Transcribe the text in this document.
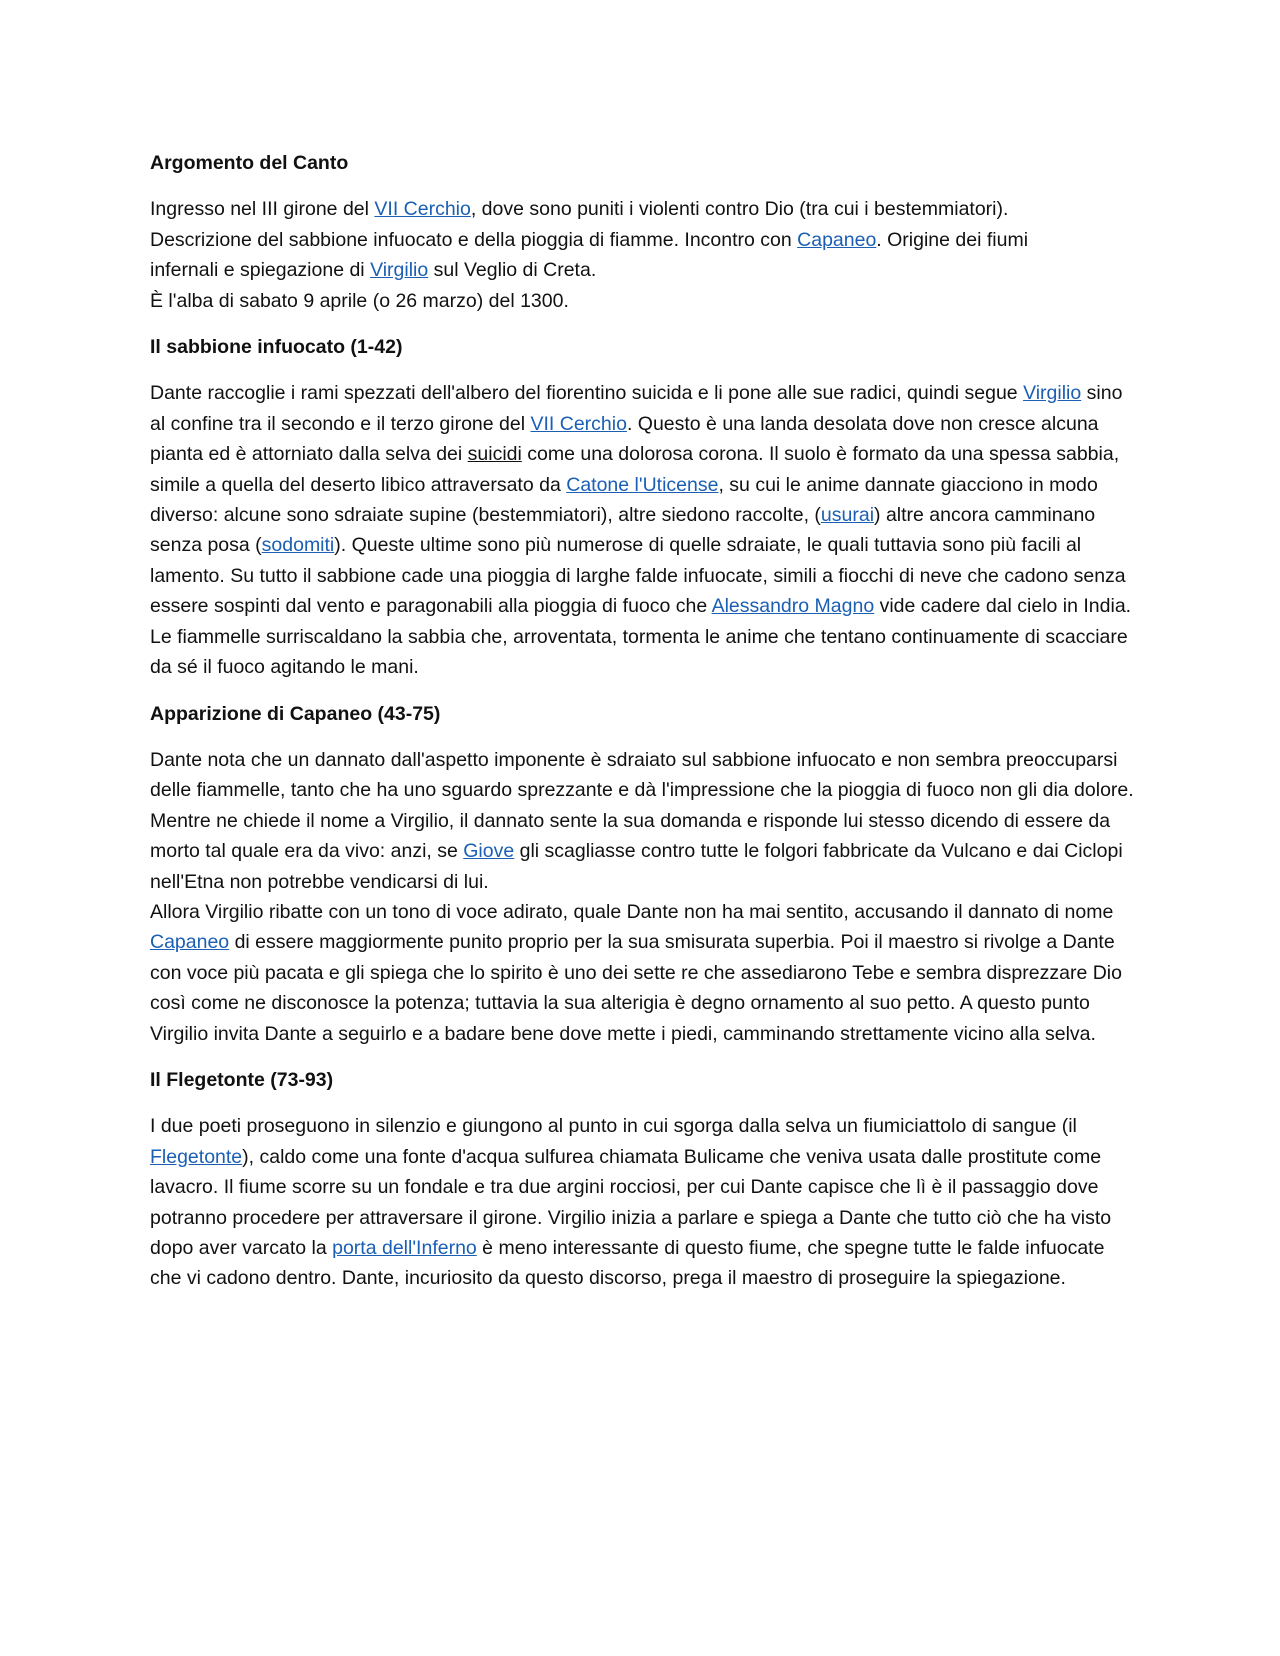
Argomento del Canto
Ingresso nel III girone del VII Cerchio, dove sono puniti i violenti contro Dio (tra cui i bestemmiatori).
Descrizione del sabbione infuocato e della pioggia di fiamme. Incontro con Capaneo. Origine dei fiumi
infernali e spiegazione di Virgilio sul Veglio di Creta.
È l'alba di sabato 9 aprile (o 26 marzo) del 1300.
Il sabbione infuocato (1-42)
Dante raccoglie i rami spezzati dell'albero del fiorentino suicida e li pone alle sue radici, quindi segue Virgilio sino al confine tra il secondo e il terzo girone del VII Cerchio. Questo è una landa desolata dove non cresce alcuna pianta ed è attorniato dalla selva dei suicidi come una dolorosa corona. Il suolo è formato da una spessa sabbia, simile a quella del deserto libico attraversato da Catone l'Uticense, su cui le anime dannate giacciono in modo diverso: alcune sono sdraiate supine (bestemmiatori), altre siedono raccolte, (usurai) altre ancora camminano senza posa (sodomiti). Queste ultime sono più numerose di quelle sdraiate, le quali tuttavia sono più facili al lamento. Su tutto il sabbione cade una pioggia di larghe falde infuocate, simili a fiocchi di neve che cadono senza essere sospinti dal vento e paragonabili alla pioggia di fuoco che Alessandro Magno vide cadere dal cielo in India. Le fiammelle surriscaldano la sabbia che, arroventata, tormenta le anime che tentano continuamente di scacciare da sé il fuoco agitando le mani.
Apparizione di Capaneo (43-75)
Dante nota che un dannato dall'aspetto imponente è sdraiato sul sabbione infuocato e non sembra preoccuparsi delle fiammelle, tanto che ha uno sguardo sprezzante e dà l'impressione che la pioggia di fuoco non gli dia dolore. Mentre ne chiede il nome a Virgilio, il dannato sente la sua domanda e risponde lui stesso dicendo di essere da morto tal quale era da vivo: anzi, se Giove gli scagliasse contro tutte le folgori fabbricate da Vulcano e dai Ciclopi nell'Etna non potrebbe vendicarsi di lui.
Allora Virgilio ribatte con un tono di voce adirato, quale Dante non ha mai sentito, accusando il dannato di nome Capaneo di essere maggiormente punito proprio per la sua smisurata superbia. Poi il maestro si rivolge a Dante con voce più pacata e gli spiega che lo spirito è uno dei sette re che assediarono Tebe e sembra disprezzare Dio così come ne disconosce la potenza; tuttavia la sua alterigia è degno ornamento al suo petto. A questo punto Virgilio invita Dante a seguirlo e a badare bene dove mette i piedi, camminando strettamente vicino alla selva.
Il Flegetonte (73-93)
I due poeti proseguono in silenzio e giungono al punto in cui sgorga dalla selva un fiumiciattolo di sangue (il Flegetonte), caldo come una fonte d'acqua sulfurea chiamata Bulicame che veniva usata dalle prostitute come lavacro. Il fiume scorre su un fondale e tra due argini rocciosi, per cui Dante capisce che lì è il passaggio dove potranno procedere per attraversare il girone. Virgilio inizia a parlare e spiega a Dante che tutto ciò che ha visto dopo aver varcato la porta dell'Inferno è meno interessante di questo fiume, che spegne tutte le falde infuocate che vi cadono dentro. Dante, incuriosito da questo discorso, prega il maestro di proseguire la spiegazione.
